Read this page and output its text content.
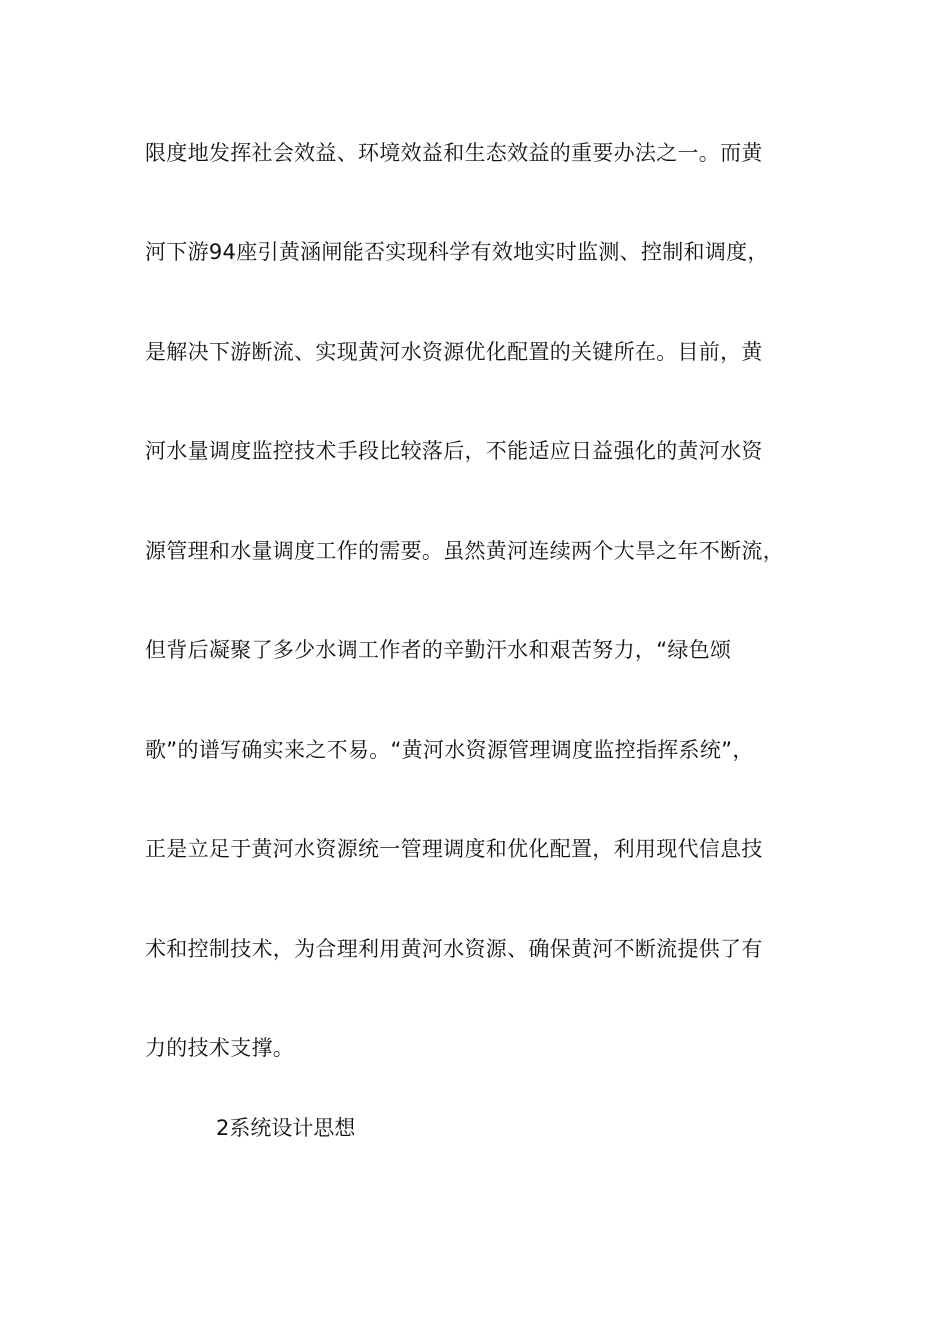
限度地发挥社会效益、环境效益和生态效益的重要办法之一。而黄
河下游94座引黄涵闸能否实现科学有效地实时监测、控制和调度，
是解决下游断流、实现黄河水资源优化配置的关键所在。目前，黄
河水量调度监控技术手段比较落后，不能适应日益强化的黄河水资
源管理和水量调度工作的需要。虽然黄河连续两个大旱之年不断流，
但背后凝聚了多少水调工作者的辛勤汗水和艰苦努力，“绿色颂
歌”的谱写确实来之不易。“黄河水资源管理调度监控指挥系统”，
正是立足于黄河水资源统一管理调度和优化配置，利用现代信息技
术和控制技术，为合理利用黄河水资源、确保黄河不断流提供了有
力的技术支撑。
2系统设计思想
